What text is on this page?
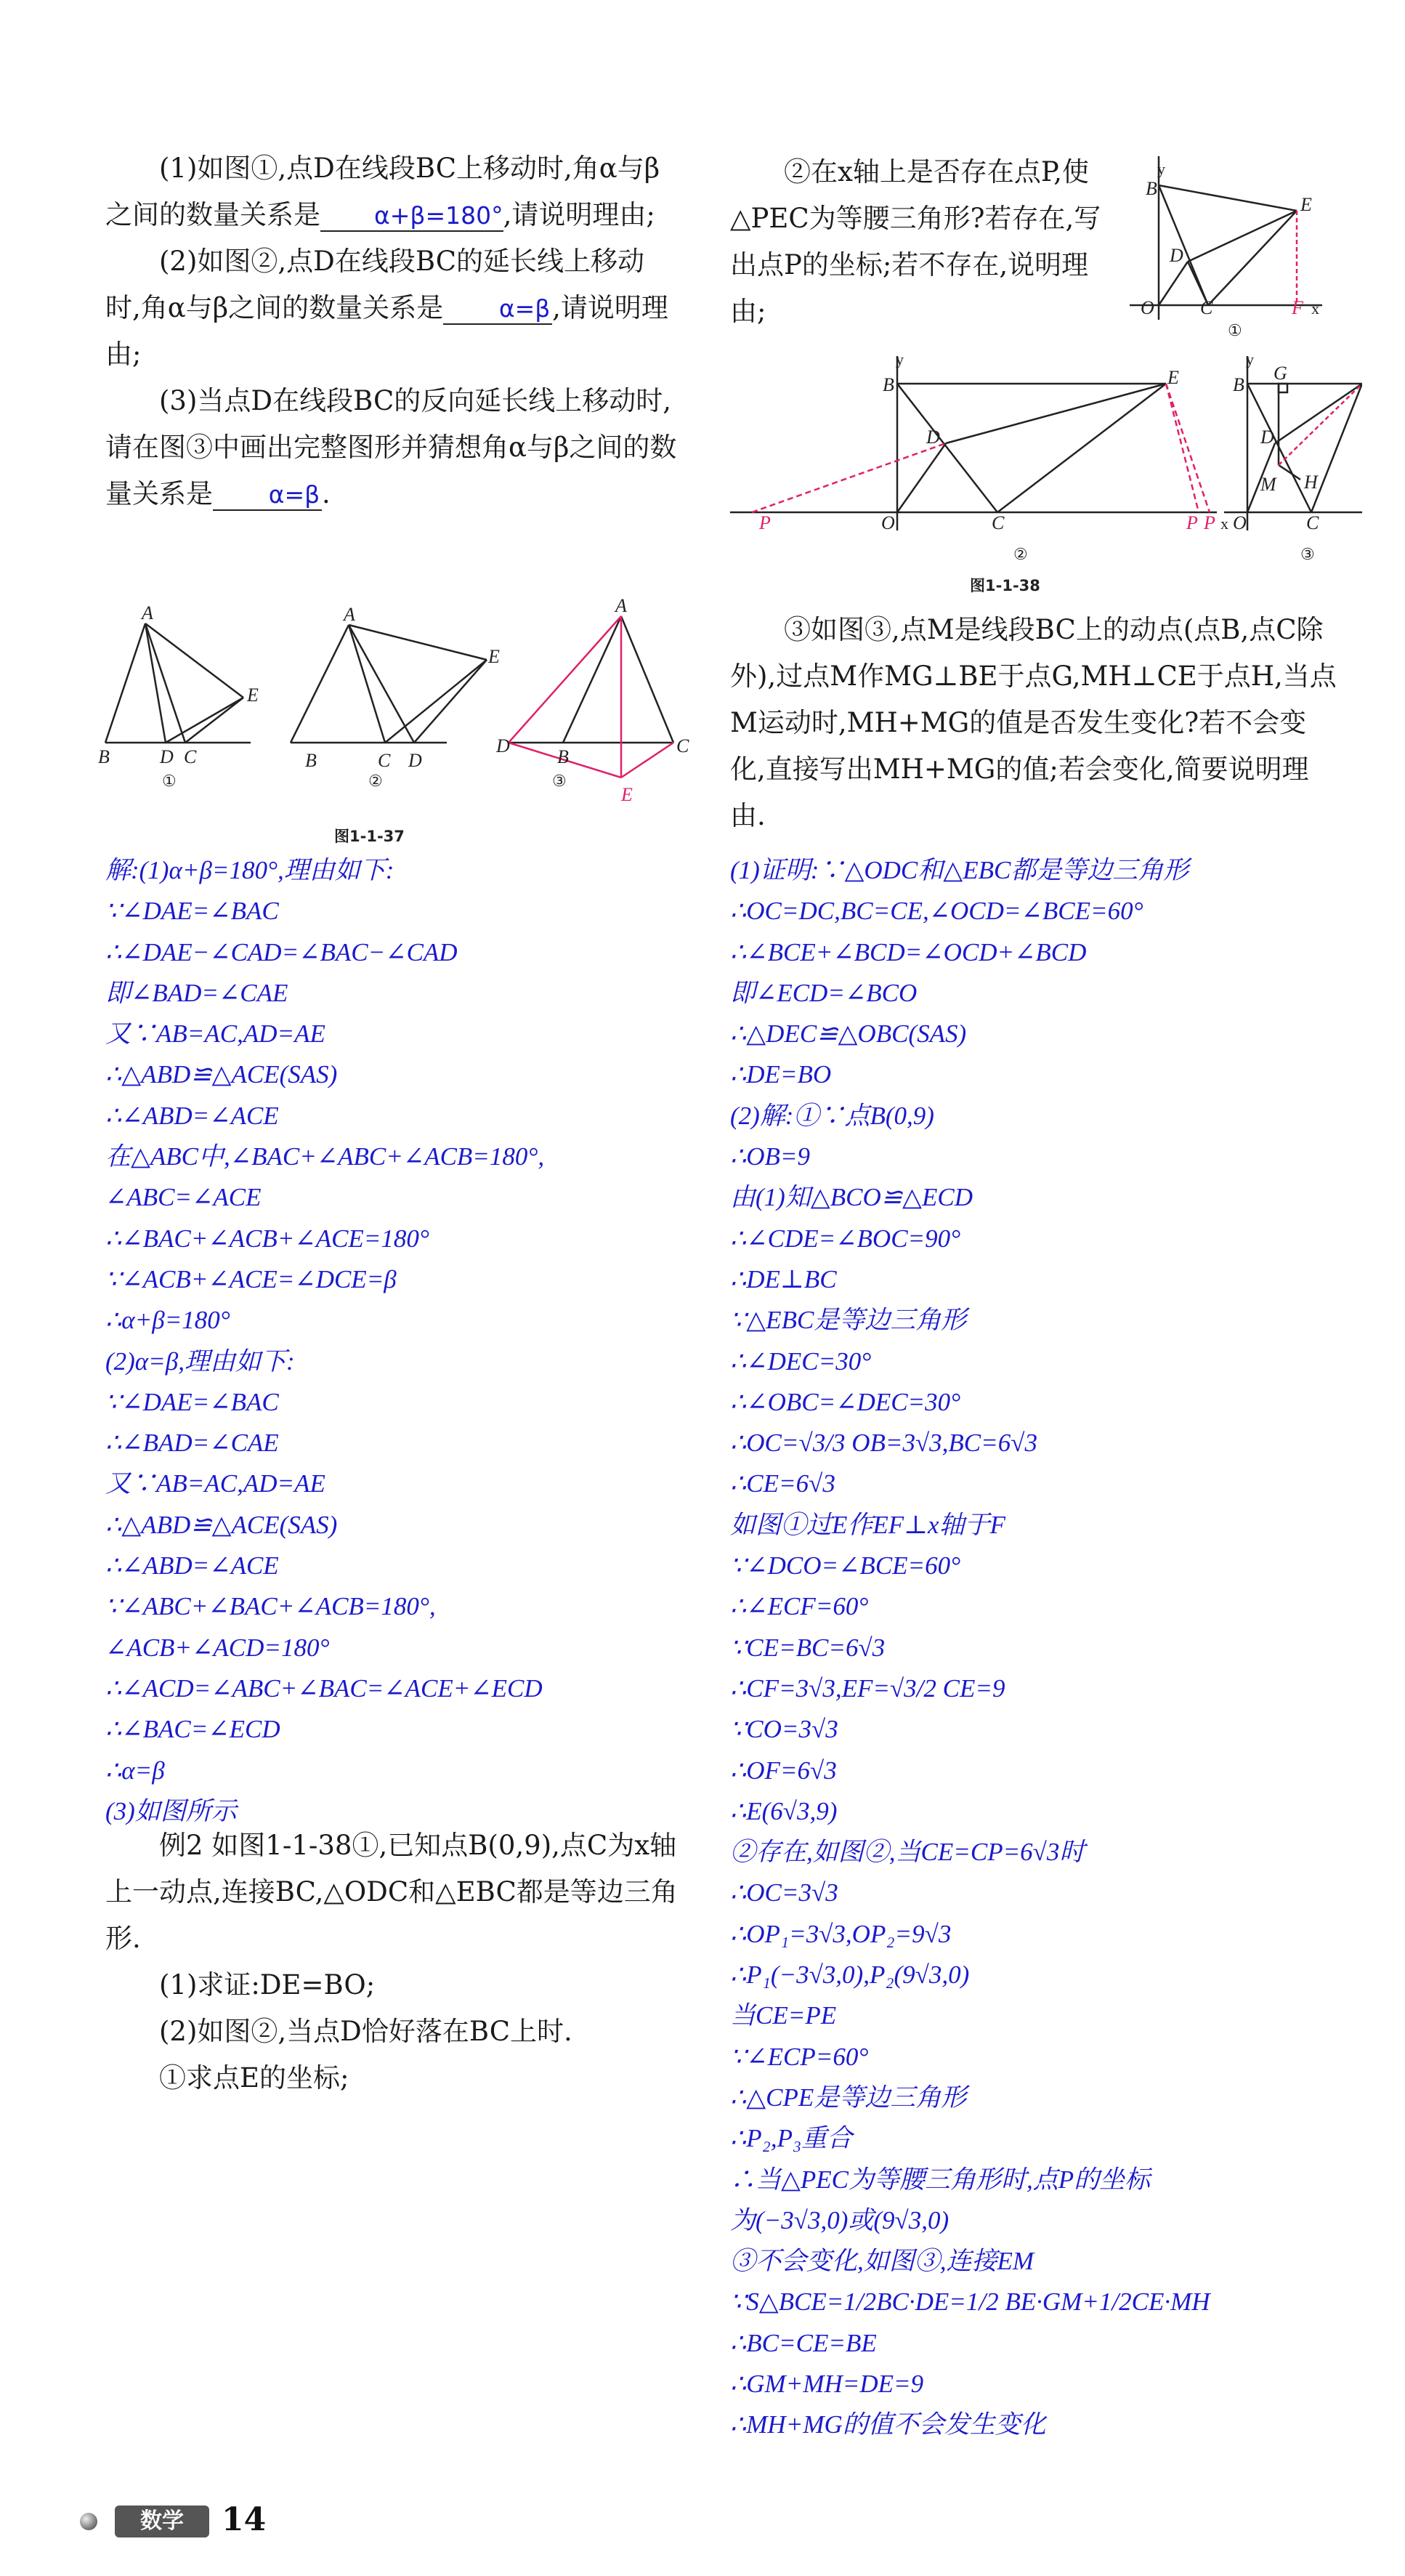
(1)如图①,点D在线段BC上移动时,角α与β之间的数量关系是 α+β=180°,请说明理由;

(2)如图②,点D在线段BC的延长线上移动时,角α与β之间的数量关系是 α=β,请说明理由;

(3)当点D在线段BC的反向延长线上移动时,请在图③中画出完整图形并猜想角α与β之间的数量关系是 α=β.

A
B	D C
E
①
A
B	C D
E
②
A
D
B
C
E
③
图1-1-37
解:(1)α+β=180°,理由如下:
∵∠DAE=∠BAC
∴∠DAE−∠CAD=∠BAC−∠CAD
即∠BAD=∠CAE
又∵AB=AC,AD=AE
∴△ABD≌△ACE(SAS)
∴∠ABD=∠ACE
在△ABC中,∠BAC+∠ABC+∠ACB=180°,
∠ABC=∠ACE
∴∠BAC+∠ACB+∠ACE=180°
∵∠ACB+∠ACE=∠DCE=β
∴α+β=180°
(2)α=β,理由如下:
∵∠DAE=∠BAC
∴∠BAD=∠CAE
又∵AB=AC,AD=AE
∴△ABD≌△ACE(SAS)
∴∠ABD=∠ACE
∵∠ABC+∠BAC+∠ACB=180°,
∠ACB+∠ACD=180°
∴∠ACD=∠ABC+∠BAC=∠ACE+∠ECD
∴∠BAC=∠ECD
∴α=β
(3)如图所示

例2 如图1-1-38①,已知点B(0,9),点C为x轴上一动点,连接BC,△ODC和△EBC都是等边三角形.

(1)求证:DE=BO;

(2)如图②,当点D恰好落在BC上时.

①求点E的坐标;

②在x轴上是否存在点P,使△PEC为等腰三角形?若存在,写出点P的坐标;若不存在,说明理由;

y
B
E
D
O C	F x
①
y
B	E
D
O	C
P	P P x
②
y
B
G
D
M H
O	C
③
图1-1-38

③如图③,点M是线段BC上的动点(点B,点C除外),过点M作MG⊥BE于点G,MH⊥CE于点H,当点M运动时,MH+MG的值是否发生变化?若不会变化,直接写出MH+MG的值;若会变化,简要说明理由.

(1)证明:∵△ODC和△EBC都是等边三角形
∴OC=DC,BC=CE,∠OCD=∠BCE=60°
∴∠BCE+∠BCD=∠OCD+∠BCD
即∠ECD=∠BCO
∴△DEC≌△OBC(SAS)
∴DE=BO
(2)解:①∵点B(0,9)
∴OB=9
由(1)知△BCO≌△ECD
∴∠CDE=∠BOC=90°
∴DE⊥BC
∵△EBC是等边三角形
∴∠DEC=30°
∴∠OBC=∠DEC=30°
∴OC=√3/3 OB=3√3,BC=6√3
∴CE=6√3
如图①过E作EF⊥x轴于F
∵∠DCO=∠BCE=60°
∴∠ECF=60°
∵CE=BC=6√3
∴CF=3√3,EF=√3/2 CE=9
∵CO=3√3
∴OF=6√3
∴E(6√3,9)
②存在,如图②,当CE=CP=6√3时
∴OC=3√3
∴OP₁=3√3,OP₂=9√3
∴P₁(−3√3,0),P₂(9√3,0)
当CE=PE
∵∠ECP=60°
∴△CPE是等边三角形
∴P₂,P₃重合
∴当△PEC为等腰三角形时,点P的坐标
为(−3√3,0)或(9√3,0)
③不会变化,如图③,连接EM
∵S△BCE=1/2BC·DE=1/2 BE·GM+1/2CE·MH
∴BC=CE=BE
∴GM+MH=DE=9
∴MH+MG的值不会发生变化
数学	14
